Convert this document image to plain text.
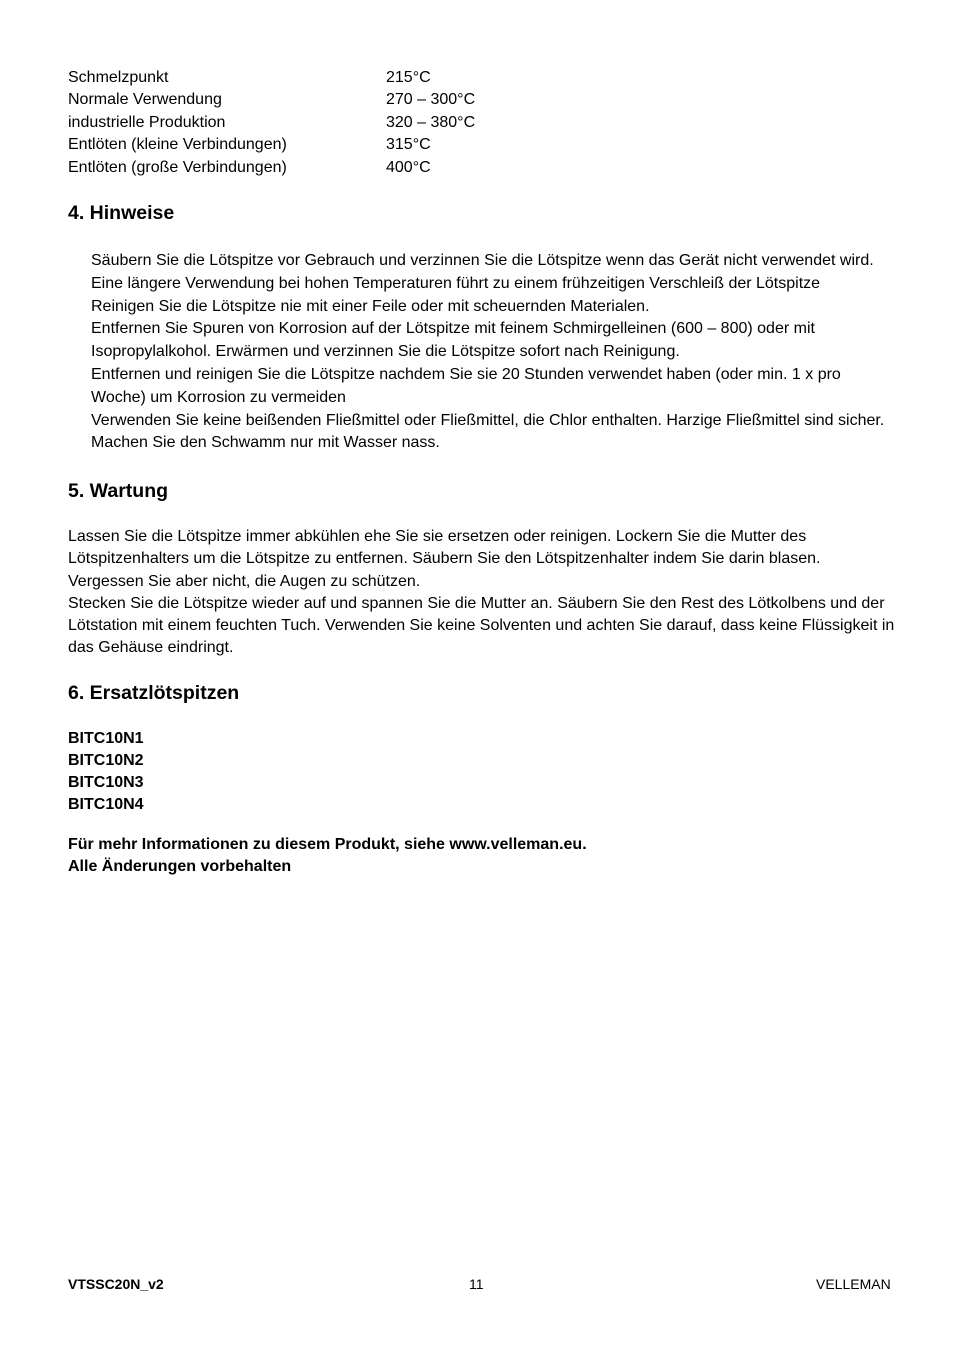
Schmelzpunkt	215°C
Normale Verwendung	270 – 300°C
industrielle Produktion	320 – 380°C
Entlöten (kleine Verbindungen)	315°C
Entlöten (große Verbindungen)	400°C
4. Hinweise
Säubern Sie die Lötspitze vor Gebrauch und verzinnen Sie die Lötspitze wenn das Gerät nicht verwendet wird.
Eine längere Verwendung bei hohen Temperaturen führt zu einem frühzeitigen Verschleiß der Lötspitze
Reinigen Sie die Lötspitze nie mit einer Feile oder mit scheuernden Materialen.
Entfernen Sie Spuren von Korrosion auf der Lötspitze mit feinem Schmirgelleinen (600 – 800) oder mit
Isopropylalkohol. Erwärmen und verzinnen Sie die Lötspitze sofort nach Reinigung.
Entfernen und reinigen Sie die Lötspitze nachdem Sie sie 20 Stunden verwendet haben (oder min. 1 x pro
Woche) um Korrosion zu vermeiden
Verwenden Sie keine beißenden Fließmittel oder Fließmittel, die Chlor enthalten. Harzige Fließmittel sind sicher.
Machen Sie den Schwamm nur mit Wasser nass.
5. Wartung
Lassen Sie die Lötspitze immer abkühlen ehe Sie sie ersetzen oder reinigen. Lockern Sie die Mutter des
Lötspitzenhalters um die Lötspitze zu entfernen. Säubern Sie den Lötspitzenhalter indem Sie darin blasen.
Vergessen Sie aber nicht, die Augen zu schützen.
Stecken Sie die Lötspitze wieder auf und spannen Sie die Mutter an. Säubern Sie den Rest des Lötkolbens und der
Lötstation mit einem feuchten Tuch. Verwenden Sie keine Solventen und achten Sie darauf, dass keine Flüssigkeit in
das Gehäuse eindringt.
6. Ersatzlötspitzen
BITC10N1
BITC10N2
BITC10N3
BITC10N4
Für mehr Informationen zu diesem Produkt, siehe www.velleman.eu.
Alle Änderungen vorbehalten
VTSSC20N_v2	11	VELLEMAN
